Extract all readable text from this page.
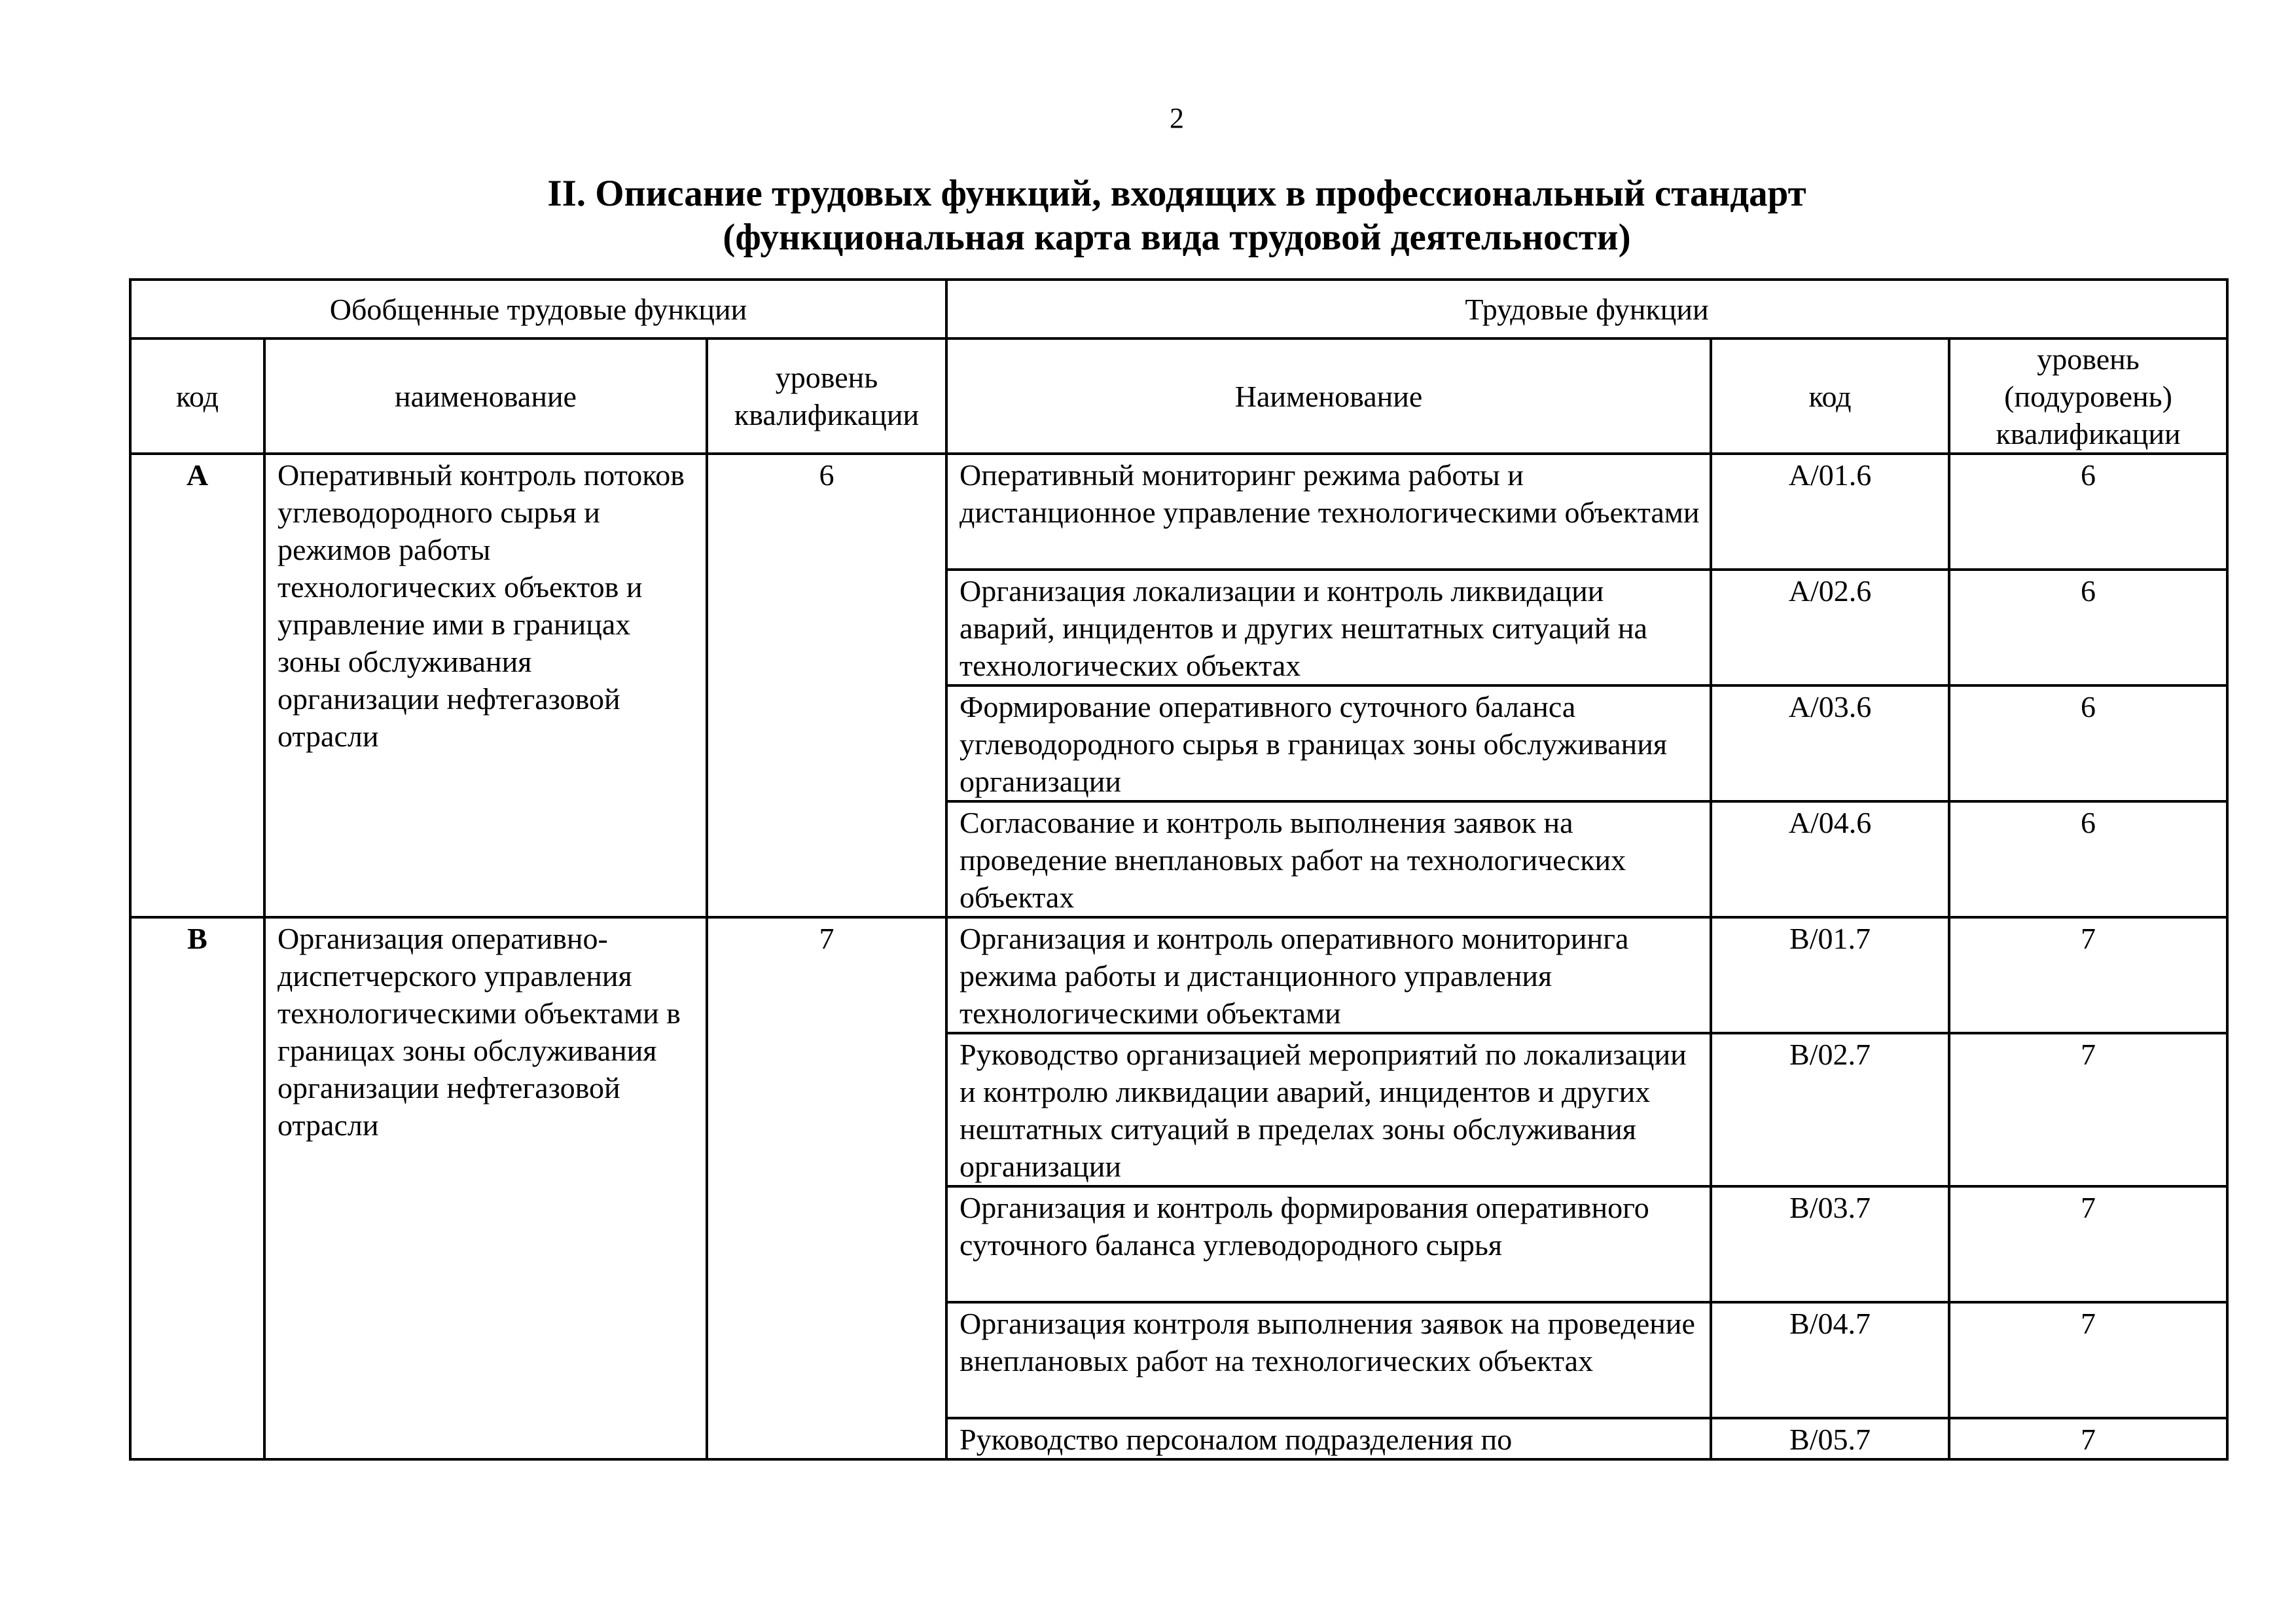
2
II. Описание трудовых функций, входящих в профессиональный стандарт
(функциональная карта вида трудовой деятельности)
Обобщенные трудовые функции			Трудовые функции		
код	наименование	уровень квалификации	Наименование	код	уровень (подуровень) квалификации
А	Оперативный контроль потоков углеводородного сырья и режимов работы технологических объектов и управление ими в границах зоны обслуживания организации нефтегазовой отрасли	6	Оперативный мониторинг режима работы и дистанционное управление технологическими объектами	А/01.6	6
			Организация локализации и контроль ликвидации аварий, инцидентов и других нештатных ситуаций на технологических объектах	А/02.6	6
			Формирование оперативного суточного баланса углеводородного сырья в границах зоны обслуживания организации	А/03.6	6
			Согласование и контроль выполнения заявок на проведение внеплановых работ на технологических объектах	А/04.6	6
В	Организация оперативно-диспетчерского управления технологическими объектами в границах зоны обслуживания организации нефтегазовой отрасли	7	Организация и контроль оперативного мониторинга режима работы и дистанционного управления технологическими объектами	В/01.7	7
			Руководство организацией мероприятий по локализации и контролю ликвидации аварий, инцидентов и других нештатных ситуаций в пределах зоны обслуживания организации	В/02.7	7
			Организация и контроль формирования оперативного суточного баланса углеводородного сырья	В/03.7	7
			Организация контроля выполнения заявок на проведение внеплановых работ на технологических объектах	В/04.7	7
			Руководство персоналом подразделения по	В/05.7	7
